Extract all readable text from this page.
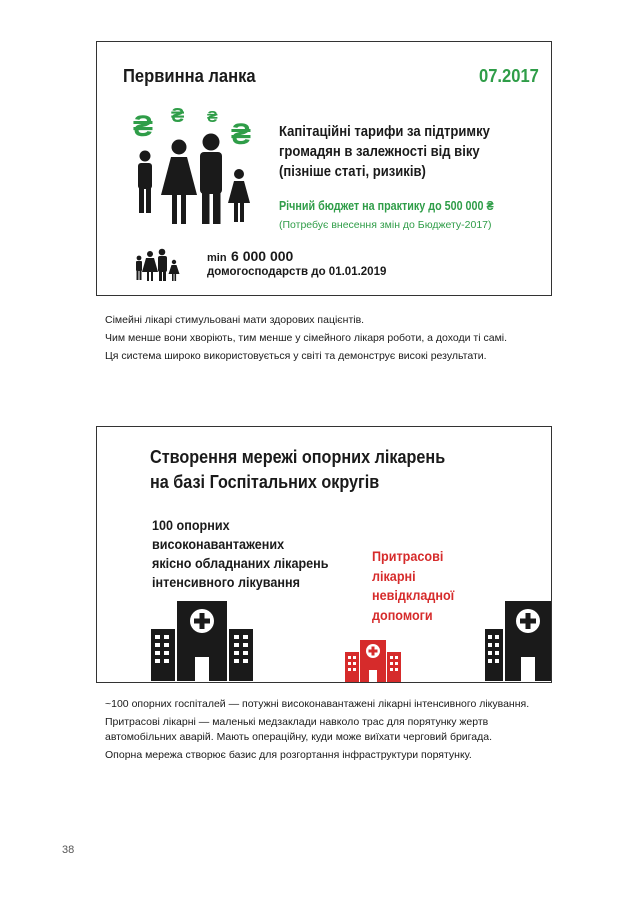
Первинна ланка	07.2017
₴ ₴ ₴
₴ Капітаційні тарифи за підтримку
громадян в залежності від віку
(пізніше статі, ризиків)
Річний бюджет на практику до 500 000 ₴
(Потребує внесення змін до Бюджету-2017)
min 6 000 000
домогосподарств до 01.01.2019
Сімейні лікарі стимульовані мати здорових пацієнтів.
Чим менше вони хворіють, тим менше у сімейного лікаря роботи, а доходи ті самі.
Ця система широко використовується у світі та демонструє високі результати.
Створення мережі опорних лікарень
на базі Госпітальних округів
100 опорних
високонавантажених
якісно обладнаних лікарень
інтенсивного лікування
Притрасові
лікарні
невідкладної
допомоги
~100 опорних госпіталей — потужні високонавантажені лікарні інтенсивного лікування.
Притрасові лікарні — маленькі медзаклади навколо трас для порятунку жертв
автомобільних аварій. Мають операційну, куди може виїхати черговий бригада.
Опорна мережа створює базис для розгортання інфраструктури порятунку.
38
